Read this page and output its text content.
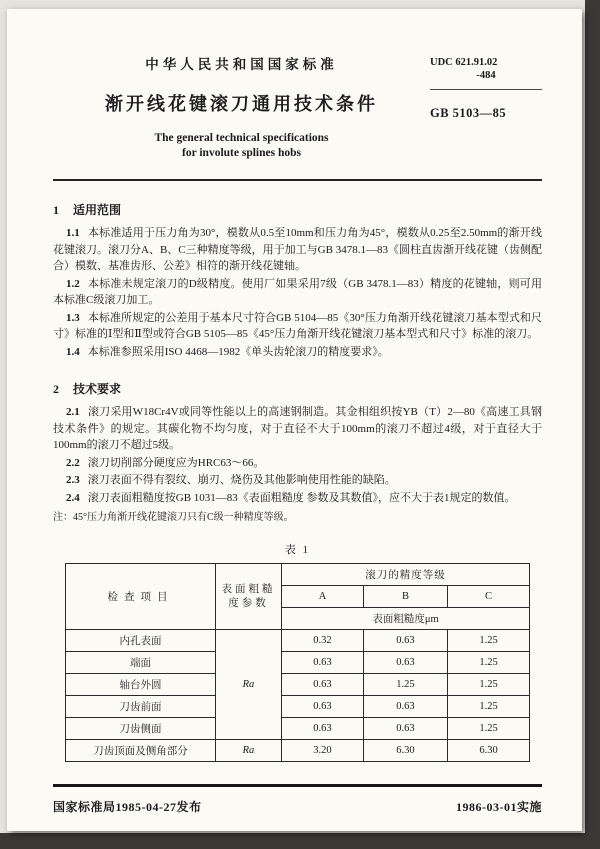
中华人民共和国国家标准
渐开线花键滚刀通用技术条件
The general technical specifications
for involute splines hobs
UDC 621.91.02
-484
GB 5103—85
1 适用范围

1.1 本标准适用于压力角为30°，模数从0.5至10mm和压力角为45°，模数从0.25至2.50mm的渐开线花键滚刀。滚刀分A、B、C三种精度等级，用于加工与GB 3478.1—83《圆柱直齿渐开线花键（齿侧配合）模数、基准齿形、公差》相符的渐开线花键轴。

1.2 本标准未规定滚刀的D级精度。使用厂如果采用7级（GB 3478.1—83）精度的花键轴，则可用本标准C级滚刀加工。

1.3 本标准所规定的公差用于基本尺寸符合GB 5104—85《30°压力角渐开线花键滚刀基本型式和尺寸》标准的Ⅰ型和Ⅱ型或符合GB 5105—85《45°压力角渐开线花键滚刀基本型式和尺寸》标准的滚刀。

1.4 本标准参照采用ISO 4468—1982《单头齿轮滚刀的精度要求》。

2 技术要求

2.1 滚刀采用W18Cr4V或同等性能以上的高速钢制造。其金相组织按YB（T）2—80《高速工具钢技术条件》的规定。其碳化物不均匀度，对于直径不大于100mm的滚刀不超过4级，对于直径大于100mm的滚刀不超过5级。

2.2 滚刀切削部分硬度应为HRC63～66。

2.3 滚刀表面不得有裂纹、崩刃、烧伤及其他影响使用性能的缺陷。

2.4 滚刀表面粗糙度按GB 1031—83《表面粗糙度 参数及其数值》，应不大于表1规定的数值。

注：45°压力角渐开线花键滚刀只有C级一种精度等级。
表 1
检查项目	表面粗糙度参数	滚刀的精度等级		
		A	B	C
		表面粗糙度μm		
内孔表面	Ra	0.32	0.63	1.25
端面		0.63	0.63	1.25
轴台外圆		0.63	1.25	1.25
刀齿前面		0.63	0.63	1.25
刀齿侧面		0.63	0.63	1.25
刀齿顶面及侧角部分	Ra	3.20	6.30	6.30
国家标准局1985-04-27发布	1986-03-01实施
